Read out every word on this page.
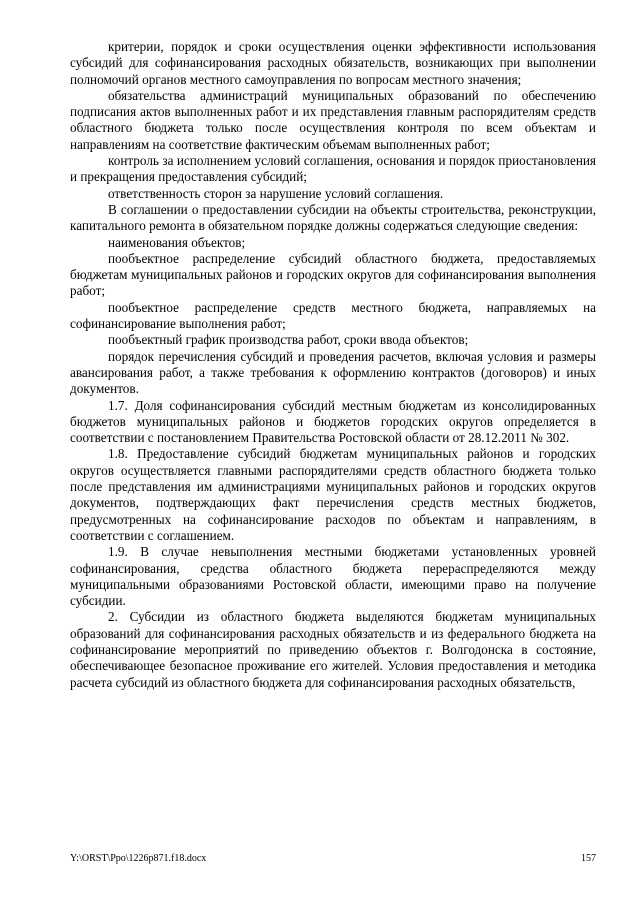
критерии, порядок и сроки осуществления оценки эффективности использования субсидий для софинансирования расходных обязательств, возникающих при выполнении полномочий органов местного самоуправления по вопросам местного значения;

обязательства администраций муниципальных образований по обеспечению подписания актов выполненных работ и их представления главным распорядителям средств областного бюджета только после осуществления контроля по всем объектам и направлениям на соответствие фактическим объемам выполненных работ;

контроль за исполнением условий соглашения, основания и порядок приостановления и прекращения предоставления субсидий;

ответственность сторон за нарушение условий соглашения.

В соглашении о предоставлении субсидии на объекты строительства, реконструкции, капитального ремонта в обязательном порядке должны содержаться следующие сведения:

наименования объектов;

пообъектное распределение субсидий областного бюджета, предоставляемых бюджетам муниципальных районов и городских округов для софинансирования выполнения работ;

пообъектное распределение средств местного бюджета, направляемых на софинансирование выполнения работ;

пообъектный график производства работ, сроки ввода объектов;

порядок перечисления субсидий и проведения расчетов, включая условия и размеры авансирования работ, а также требования к оформлению контрактов (договоров) и иных документов.

1.7. Доля софинансирования субсидий местным бюджетам из консолидированных бюджетов муниципальных районов и бюджетов городских округов определяется в соответствии с постановлением Правительства Ростовской области от 28.12.2011 № 302.

1.8. Предоставление субсидий бюджетам муниципальных районов и городских округов осуществляется главными распорядителями средств областного бюджета только после представления им администрациями муниципальных районов и городских округов документов, подтверждающих факт перечисления средств местных бюджетов, предусмотренных на софинансирование расходов по объектам и направлениям, в соответствии с соглашением.

1.9. В случае невыполнения местными бюджетами установленных уровней софинансирования, средства областного бюджета перераспределяются между муниципальными образованиями Ростовской области, имеющими право на получение субсидии.

2. Субсидии из областного бюджета выделяются бюджетам муниципальных образований для софинансирования расходных обязательств и из федерального бюджета на софинансирование мероприятий по приведению объектов г. Волгодонска в состояние, обеспечивающее безопасное проживание его жителей. Условия предоставления и методика расчета субсидий из областного бюджета для софинансирования расходных обязательств,

Y:\ORST\Ppo\1226p871.f18.docx	157
